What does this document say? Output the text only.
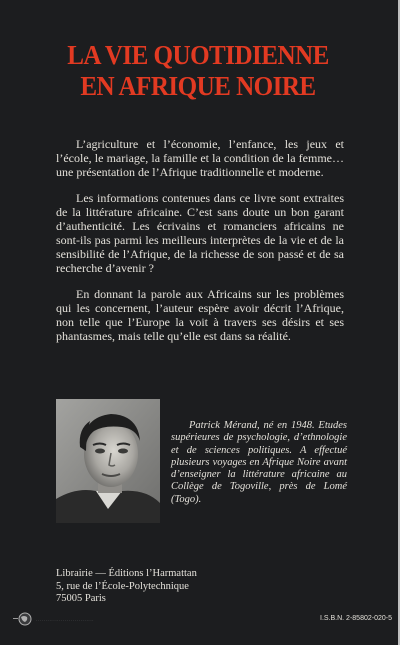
LA VIE QUOTIDIENNE
EN AFRIQUE NOIRE

L’agriculture et l’économie, l’enfance, les jeux et l’école, le mariage, la famille et la condition de la femme… une présentation de l’Afrique traditionnelle et moderne.

Les informations contenues dans ce livre sont extraites de la littérature africaine. C’est sans doute un bon garant d’authenticité. Les écrivains et romanciers africains ne sont-ils pas parmi les meilleurs interprètes de la vie et de la sensibilité de l’Afrique, de la richesse de son passé et de sa recherche d’avenir ?

En donnant la parole aux Africains sur les problèmes qui les concernent, l’auteur espère avoir décrit l’Afrique, non telle que l’Europe la voit à travers ses désirs et ses phantasmes, mais telle qu’elle est dans sa réalité.

Patrick Mérand, né en 1948. Etudes supérieures de psychologie, d’ethnologie et de sciences politiques. A effectué plusieurs voyages en Afrique Noire avant d’enseigner la littérature africaine au Collège de Togoville, près de Lomé (Togo).

Librairie — Éditions l’Harmattan
5, rue de l’École-Polytechnique
75005 Paris
. . . . . . . . . . . . . . . . . . . . . . . . . . . . . .	I.S.B.N. 2-85802-020-5
